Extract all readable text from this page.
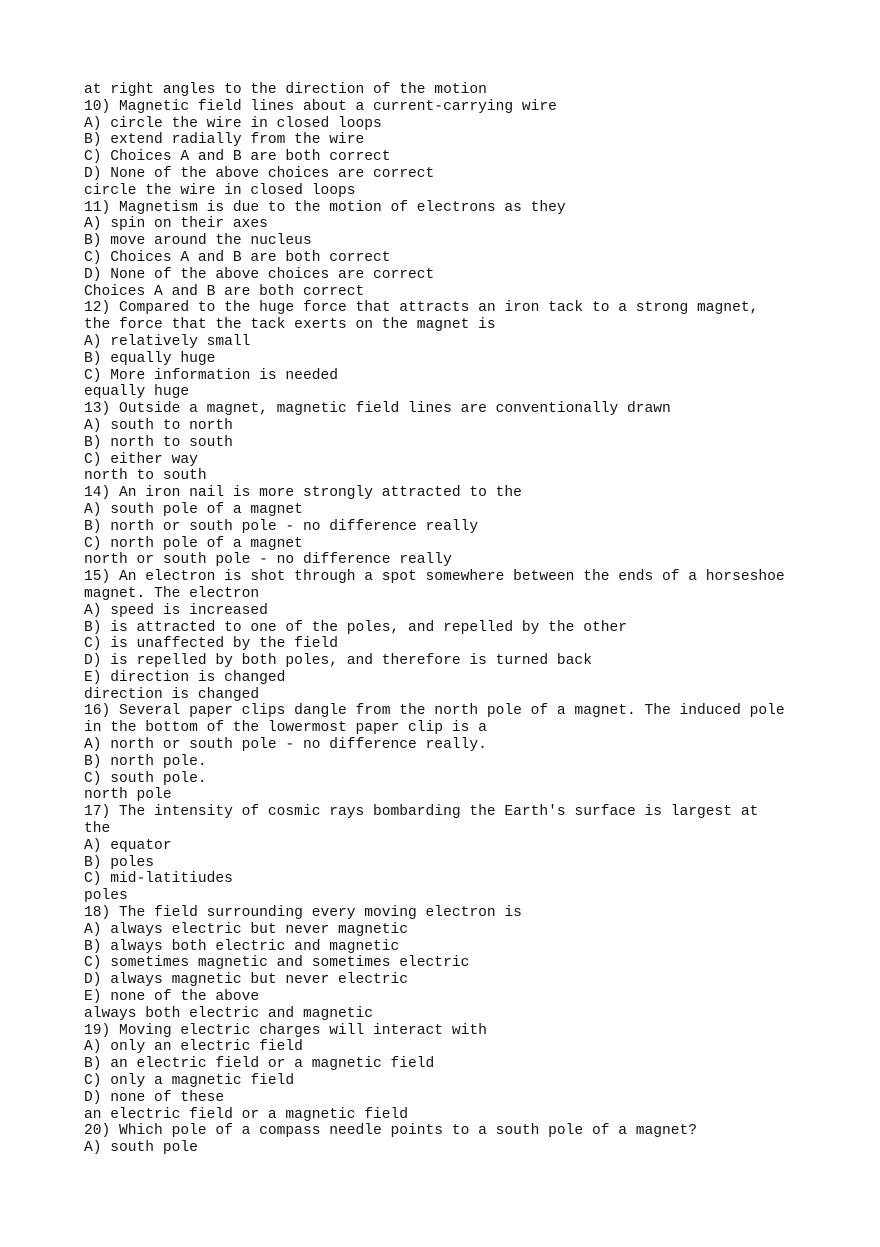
at right angles to the direction of the motion
10) Magnetic field lines about a current-carrying wire
A) circle the wire in closed loops
B) extend radially from the wire
C) Choices A and B are both correct
D) None of the above choices are correct
circle the wire in closed loops
11) Magnetism is due to the motion of electrons as they
A) spin on their axes
B) move around the nucleus
C) Choices A and B are both correct
D) None of the above choices are correct
Choices A and B are both correct
12) Compared to the huge force that attracts an iron tack to a strong magnet,
the force that the tack exerts on the magnet is
A) relatively small
B) equally huge
C) More information is needed
equally huge
13) Outside a magnet, magnetic field lines are conventionally drawn
A) south to north
B) north to south
C) either way
north to south
14) An iron nail is more strongly attracted to the
A) south pole of a magnet
B) north or south pole - no difference really
C) north pole of a magnet
north or south pole - no difference really
15) An electron is shot through a spot somewhere between the ends of a horseshoe
magnet. The electron
A) speed is increased
B) is attracted to one of the poles, and repelled by the other
C) is unaffected by the field
D) is repelled by both poles, and therefore is turned back
E) direction is changed
direction is changed
16) Several paper clips dangle from the north pole of a magnet. The induced pole
in the bottom of the lowermost paper clip is a
A) north or south pole - no difference really.
B) north pole.
C) south pole.
north pole
17) The intensity of cosmic rays bombarding the Earth's surface is largest at
the
A) equator
B) poles
C) mid-latitiudes
poles
18) The field surrounding every moving electron is
A) always electric but never magnetic
B) always both electric and magnetic
C) sometimes magnetic and sometimes electric
D) always magnetic but never electric
E) none of the above
always both electric and magnetic
19) Moving electric charges will interact with
A) only an electric field
B) an electric field or a magnetic field
C) only a magnetic field
D) none of these
an electric field or a magnetic field
20) Which pole of a compass needle points to a south pole of a magnet?
A) south pole
